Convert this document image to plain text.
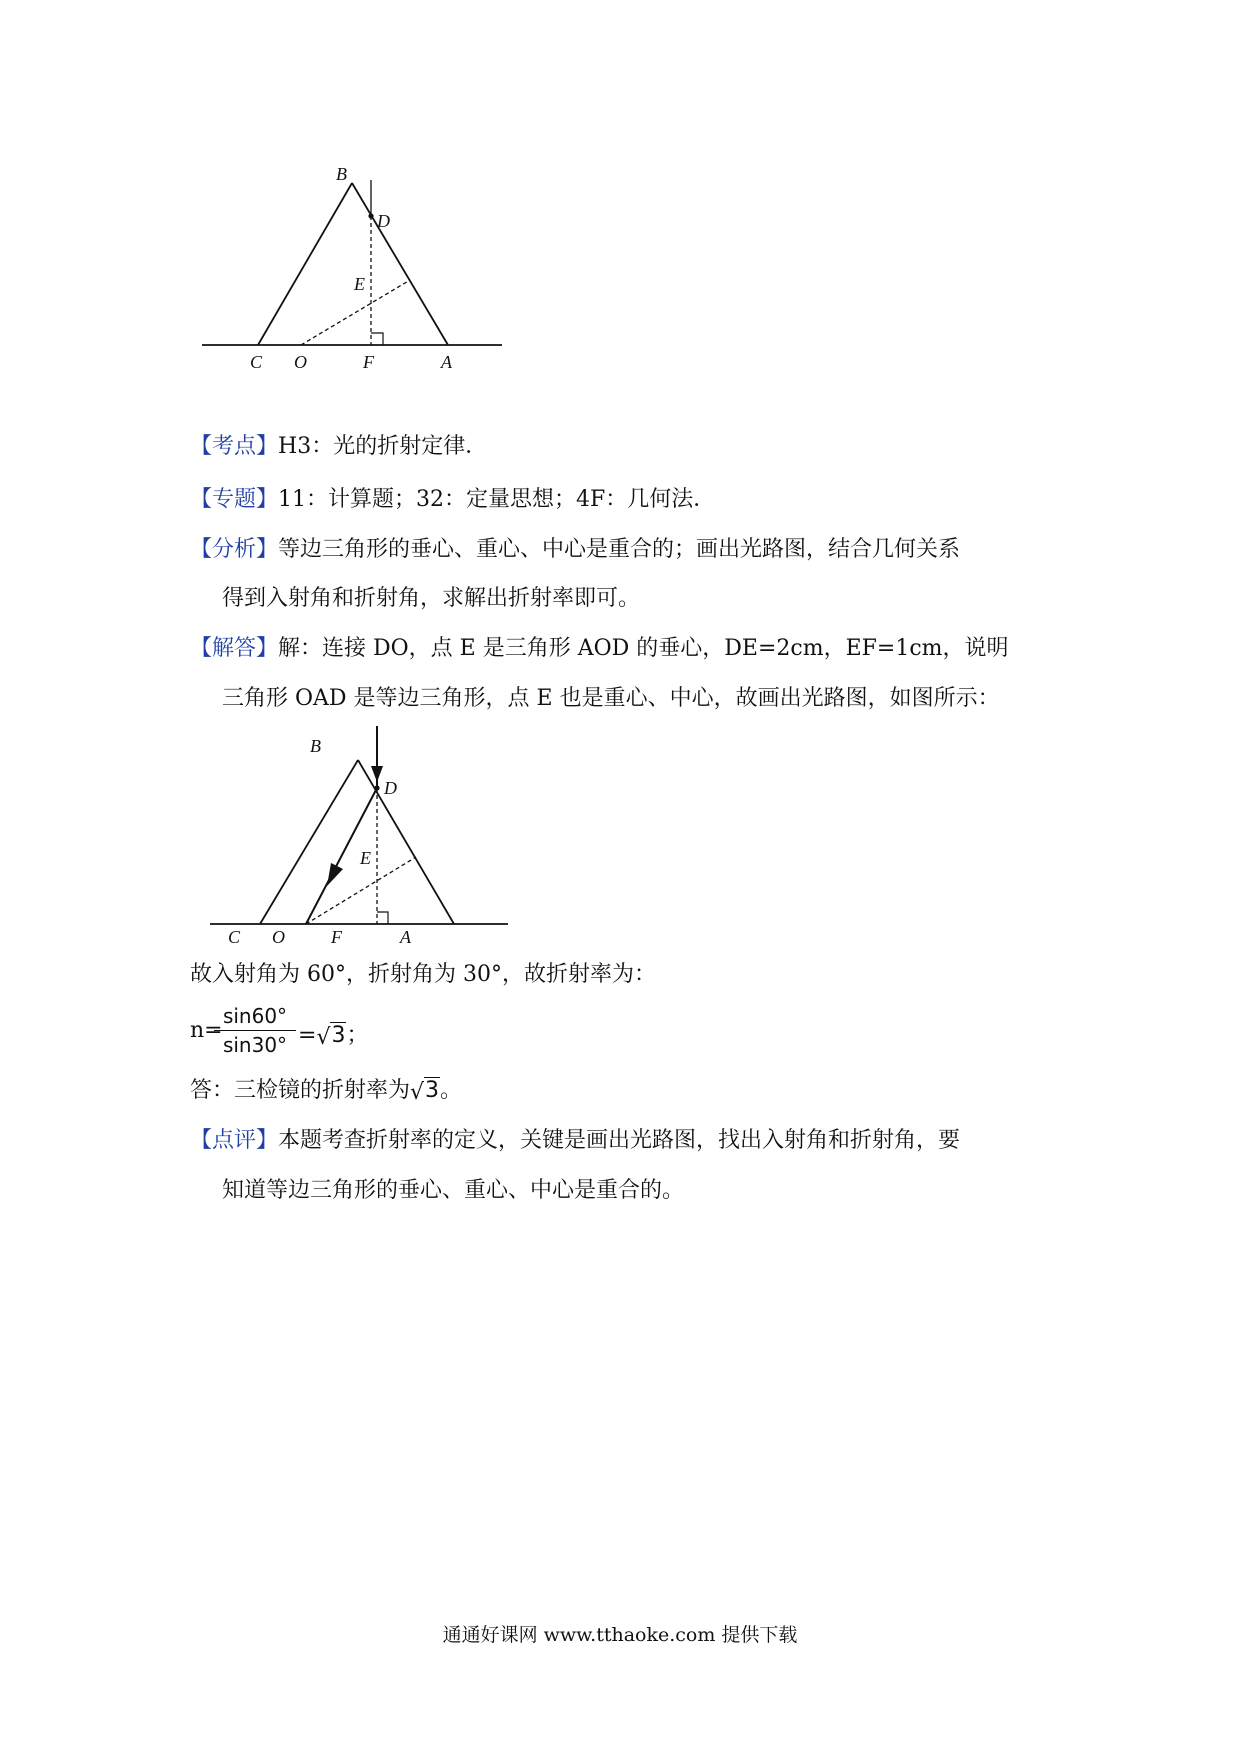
B
D
E
C O	F	A
【考点】H3：光的折射定律．
【专题】11：计算题；32：定量思想；4F：几何法．
【分析】等边三角形的垂心、重心、中心是重合的；画出光路图，结合几何关系
得到入射角和折射角，求解出折射率即可。
【解答】解：连接 DO，点 E 是三角形 AOD 的垂心，DE=2cm，EF=1cm，说明
三角形 OAD 是等边三角形，点 E 也是重心、中心，故画出光路图，如图所示：
B
D
E
C O	F	A
故入射角为 60°，折射角为 30°，故折射率为：
n=
sin60°
sin30° = √ 3；
答：三检镜的折射率为 √ 3。
【点评】本题考查折射率的定义，关键是画出光路图，找出入射角和折射角，要
知道等边三角形的垂心、重心、中心是重合的。
通通好课网 www.tthaoke.com 提供下载
